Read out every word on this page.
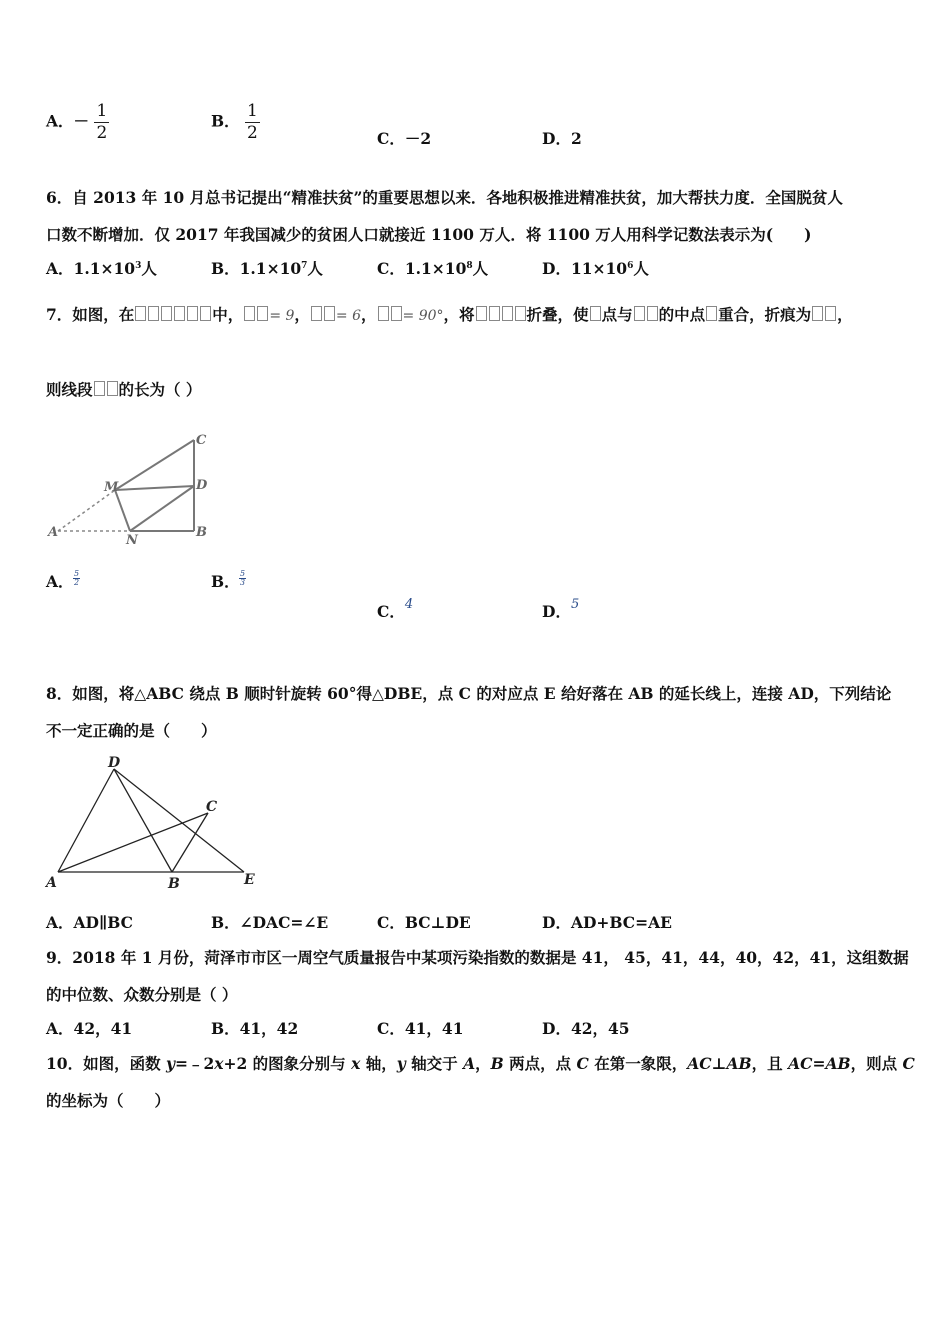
A．－ $\frac{1}{2}$	B． $\frac{1}{2}$	C．－2	D．2
6．自 2013 年 10 月总书记提出“精准扶贫”的重要思想以来．各地积极推进精准扶贫，加大帮扶力度．全国脱贫人
口数不断增加．仅 2017 年我国减少的贫困人口就接近 1100 万人．将 1100 万人用科学记数法表示为(　　)
A．$1.1\times 10^3$人	B．$1.1\times 10^7$人	C．$1.1\times 10^8$人	D．$11\times 10^6$人
7．如图，在	中， = 9， = 6， = 90°，将	折叠，使 点与 的中点 重合，折痕为 ，
则线段 的长为（ ）
C
M	D
A
N
B
A． $\frac{5}{2}$	B． $\frac{5}{3}$
C．$^4$	D．$^5$
8．如图，将△ABC 绕点 B 顺时针旋转 60°得△DBE，点 C 的对应点 E 给好落在 AB 的延长线上，连接 AD，下列结论
不一定正确的是（　　）
D
C
A	B	E
A．AD∥BC	B．∠DAC=∠E	C．BC⊥DE	D．AD+BC=AE
9．2018 年 1 月份，菏泽市市区一周空气质量报告中某项污染指数的数据是 41， 45，41，44，40，42，41，这组数据
的中位数、众数分别是（ ）
A．42，41	B．41，42	C．41，41	D．42，45
10．如图，函数 y=﹣2x+2 的图象分别与 x 轴，y 轴交于 A，B 两点，点 C 在第一象限，AC⊥AB，且 AC=AB，则点 C
的坐标为（　　）
